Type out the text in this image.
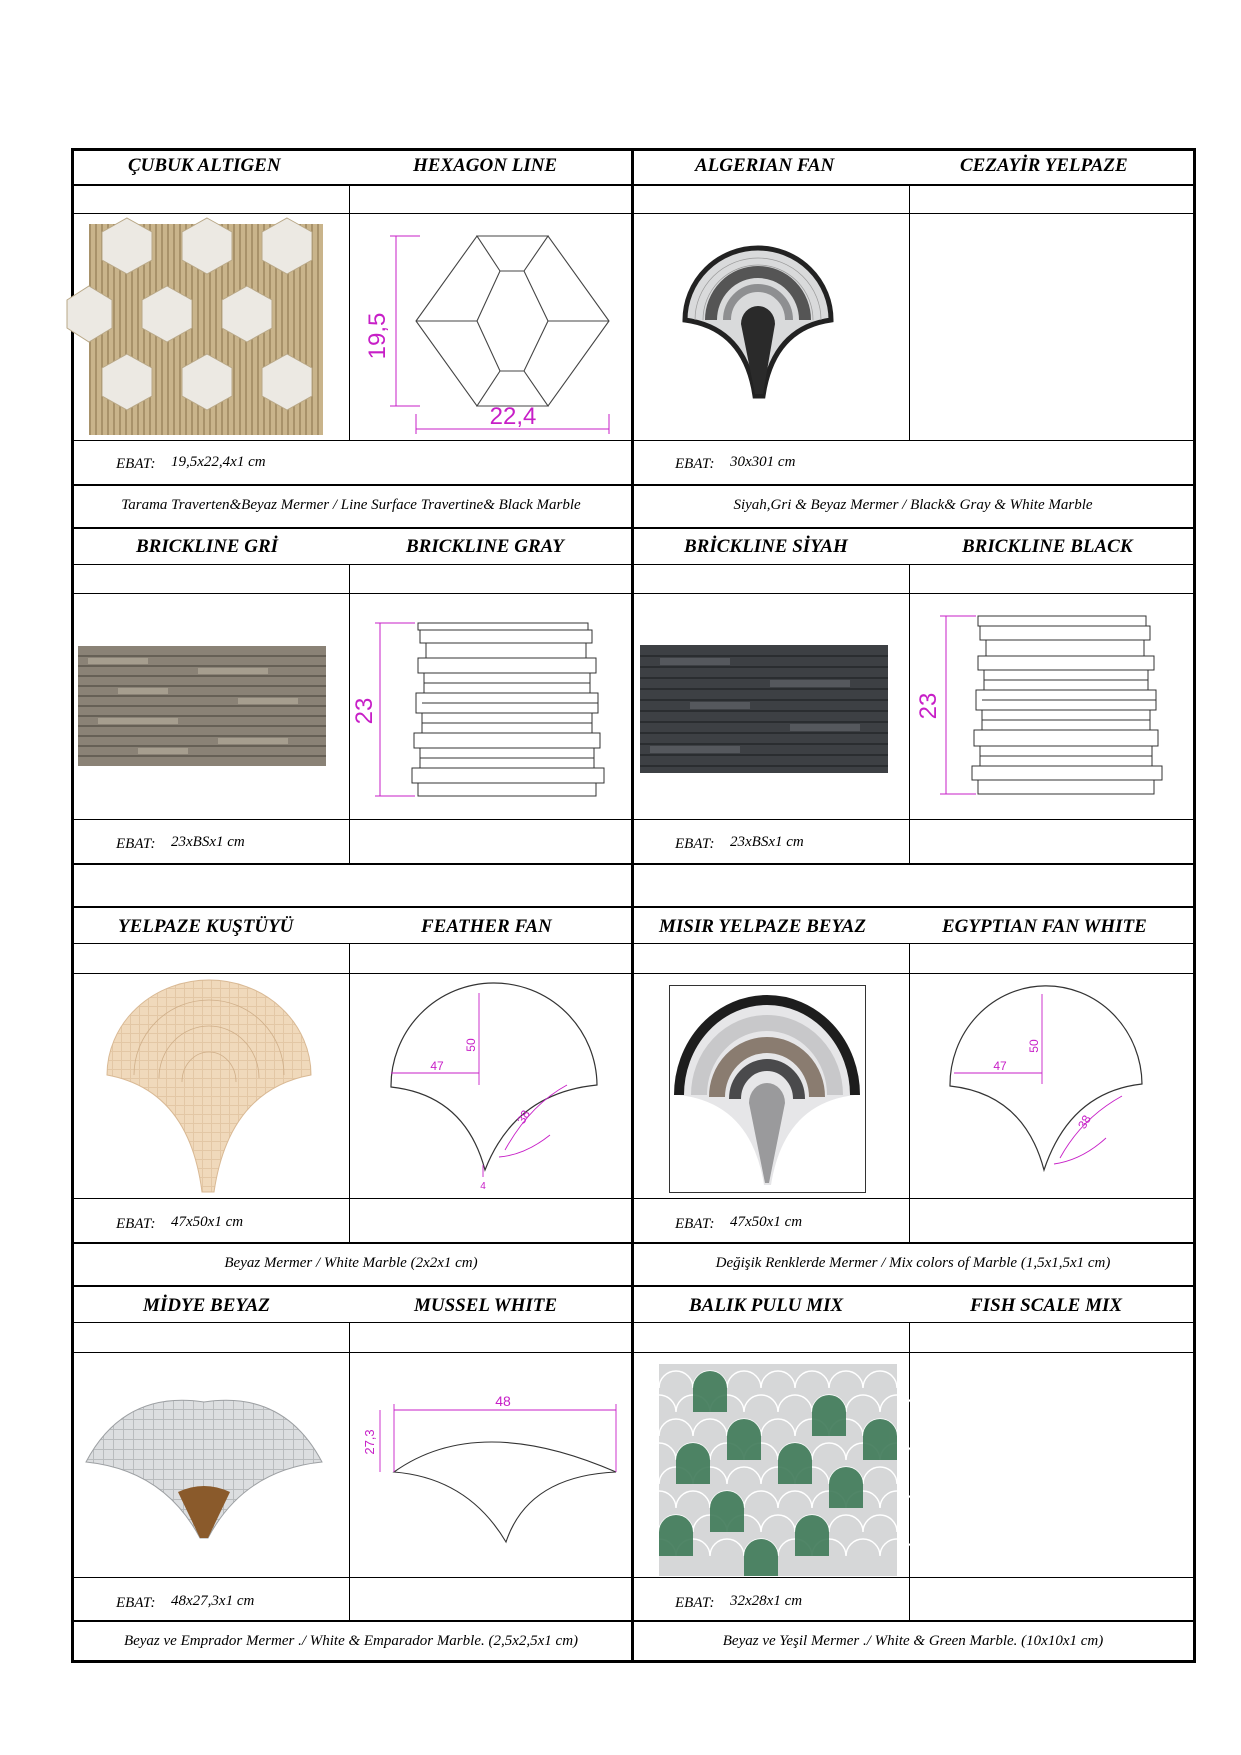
ÇUBUK ALTIGEN	HEXAGON LINE	ALGERIAN FAN	CEZAYİR YELPAZE
19,5
22,4
EBAT: 19,5x22,4x1 cm	EBAT: 30x301 cm
Tarama Traverten&Beyaz Mermer / Line Surface Travertine& Black Marble	Siyah,Gri & Beyaz Mermer / Black& Gray & White Marble
BRICKLINE GRİ	BRICKLINE GRAY	BRİCKLINE SİYAH	BRICKLINE BLACK
23	23
EBAT: 23xBSx1 cm	EBAT: 23xBSx1 cm
YELPAZE KUŞTÜYÜ	FEATHER FAN	MISIR YELPAZE BEYAZ	EGYPTIAN FAN WHITE
47
50
38
4
47
50
38
EBAT: 47x50x1 cm	EBAT: 47x50x1 cm
Beyaz Mermer / White Marble (2x2x1 cm)	Değişik Renklerde Mermer / Mix colors of Marble (1,5x1,5x1 cm)
MİDYE BEYAZ	MUSSEL WHITE	BALIK PULU MIX	FISH SCALE MIX
48
27,3
EBAT: 48x27,3x1 cm	EBAT: 32x28x1 cm
Beyaz ve Emprador Mermer ./ White & Emparador Marble. (2,5x2,5x1 cm)	Beyaz ve Yeşil Mermer ./ White & Green Marble. (10x10x1 cm)
